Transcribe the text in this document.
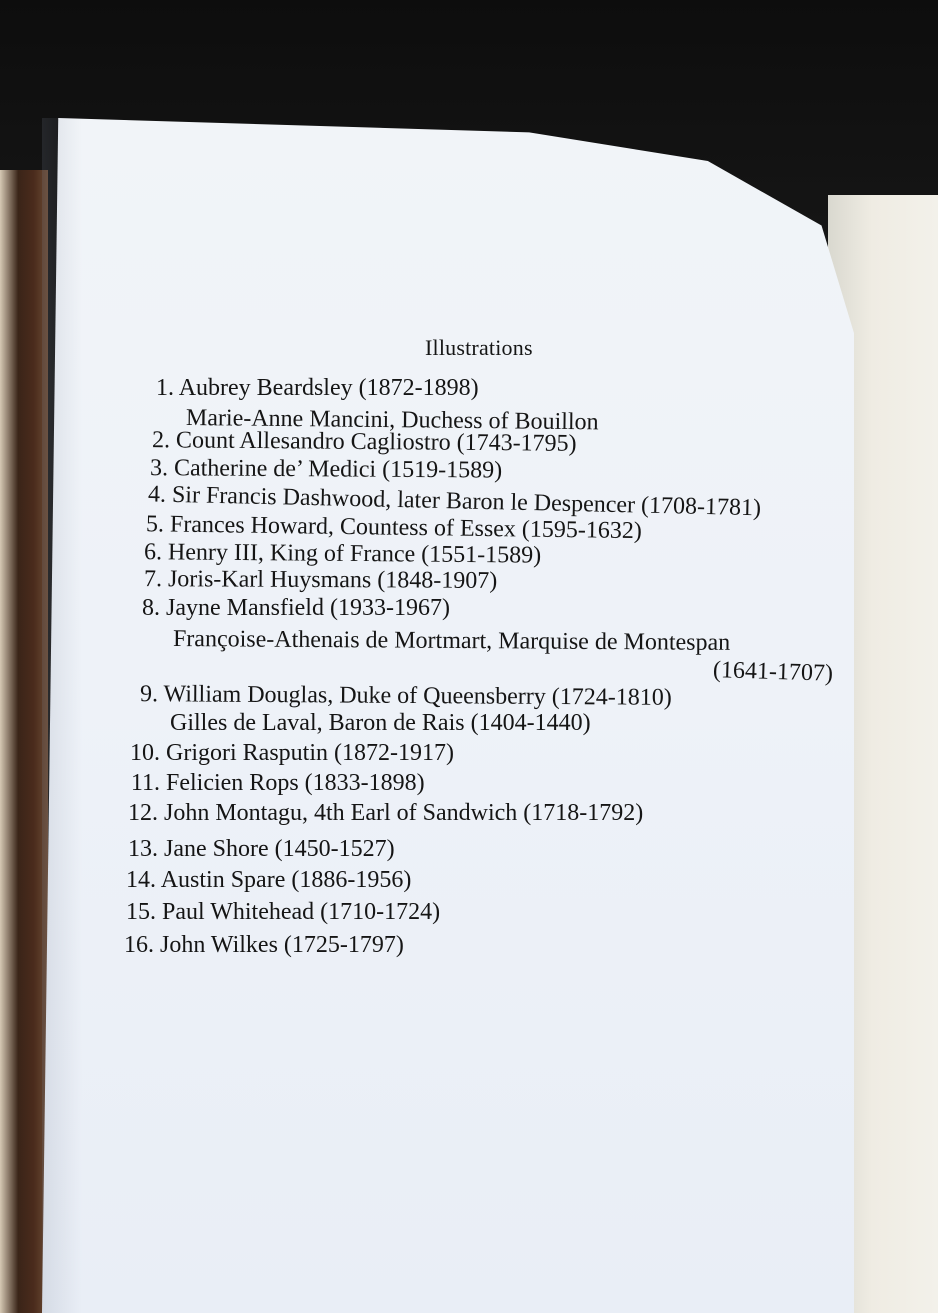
Illustrations
1. Aubrey Beardsley (1872-1898)
Marie-Anne Mancini, Duchess of Bouillon
2. Count Allesandro Cagliostro (1743-1795)
3. Catherine de’ Medici (1519-1589)
4. Sir Francis Dashwood, later Baron le Despencer (1708-1781)
5. Frances Howard, Countess of Essex (1595-1632)
6. Henry III, King of France (1551-1589)
7. Joris-Karl Huysmans (1848-1907)
8. Jayne Mansfield (1933-1967)
Françoise-Athenais de Mortmart, Marquise de Montespan
(1641-1707)
9. William Douglas, Duke of Queensberry (1724-1810)
Gilles de Laval, Baron de Rais (1404-1440)
10. Grigori Rasputin (1872-1917)
11. Felicien Rops (1833-1898)
12. John Montagu, 4th Earl of Sandwich (1718-1792)
13. Jane Shore (1450-1527)
14. Austin Spare (1886-1956)
15. Paul Whitehead (1710-1724)
16. John Wilkes (1725-1797)
